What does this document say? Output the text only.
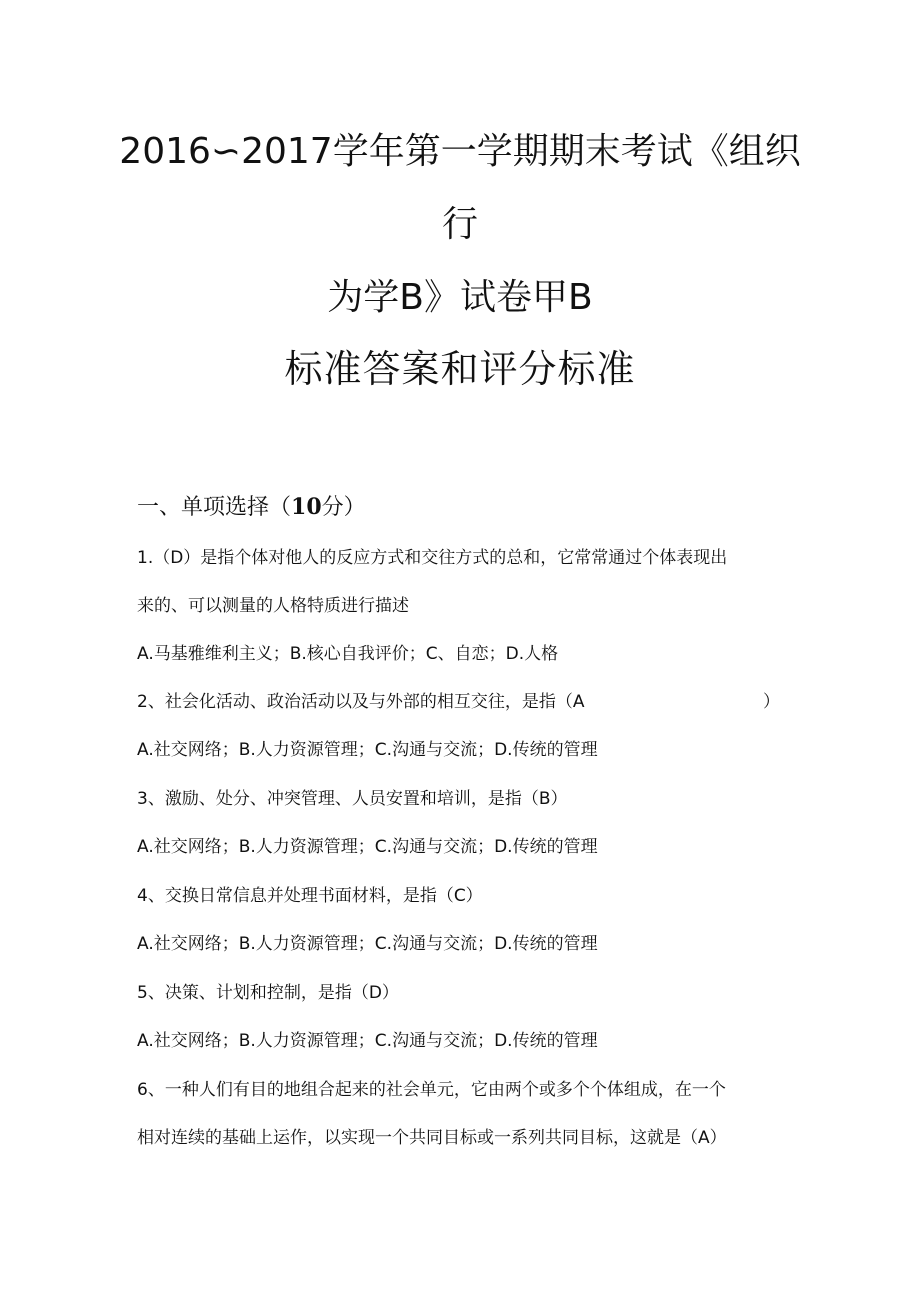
2016∽2017学年第一学期期末考试《组织
行
为学B》试卷甲B
标准答案和评分标准
一、单项选择（10分）
1.（D）是指个体对他人的反应方式和交往方式的总和，它常常通过个体表现出
来的、可以测量的人格特质进行描述
A.马基雅维利主义；B.核心自我评价；C、自恋；D.人格
2、社会化活动、政治活动以及与外部的相互交往，是指（A	）
A.社交网络；B.人力资源管理；C.沟通与交流；D.传统的管理
3、激励、处分、冲突管理、人员安置和培训，是指（B）
A.社交网络；B.人力资源管理；C.沟通与交流；D.传统的管理
4、交换日常信息并处理书面材料，是指（C）
A.社交网络；B.人力资源管理；C.沟通与交流；D.传统的管理
5、决策、计划和控制，是指（D）
A.社交网络；B.人力资源管理；C.沟通与交流；D.传统的管理
6、一种人们有目的地组合起来的社会单元，它由两个或多个个体组成，在一个
相对连续的基础上运作，以实现一个共同目标或一系列共同目标，这就是（A）
